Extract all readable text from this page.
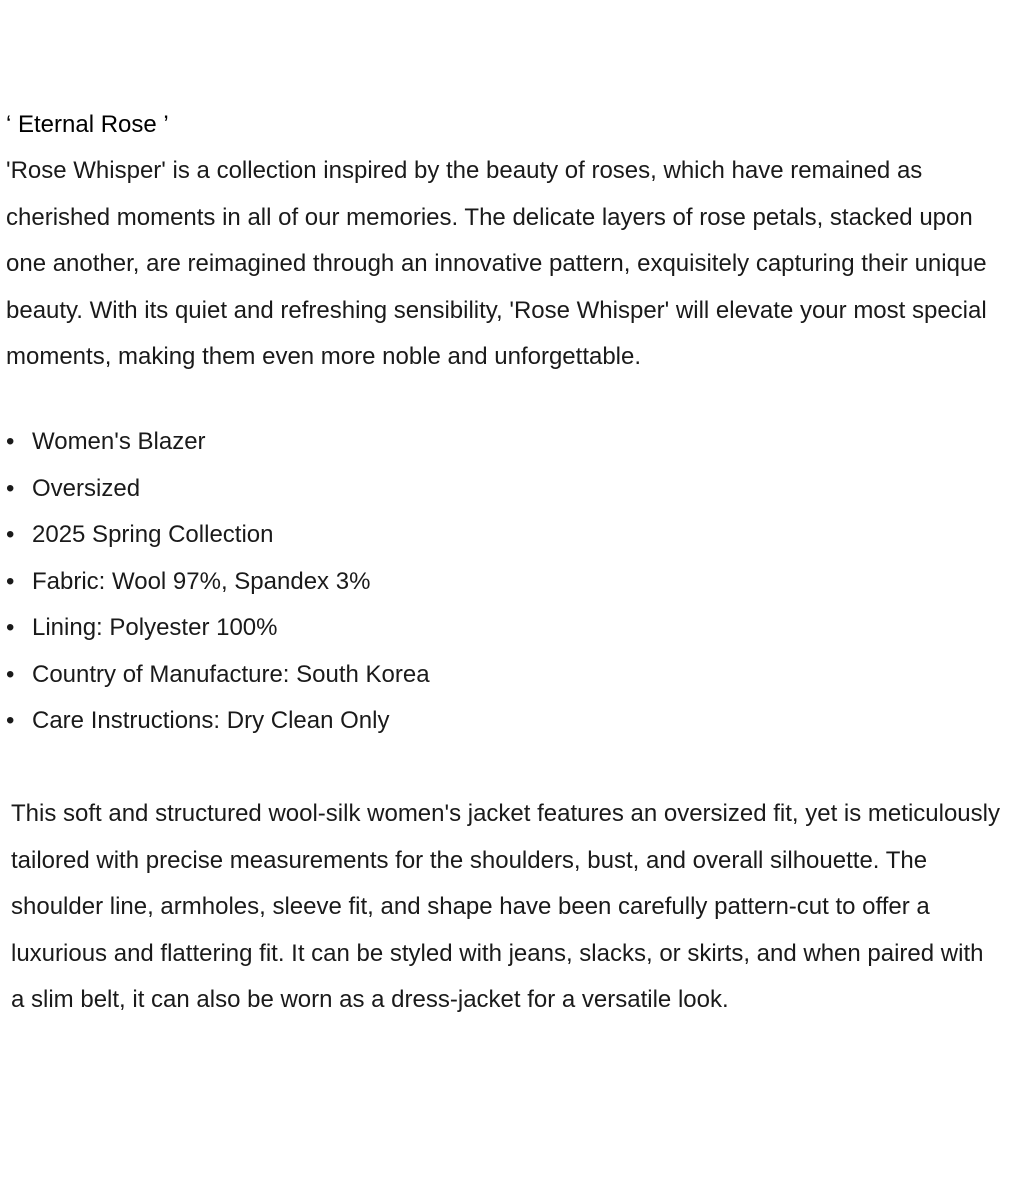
‘ Eternal Rose ’

'Rose Whisper' is a collection inspired by the beauty of roses, which have remained as cherished moments in all of our memories. The delicate layers of rose petals, stacked upon one another, are reimagined through an innovative pattern, exquisitely capturing their unique beauty. With its quiet and refreshing sensibility, 'Rose Whisper' will elevate your most special moments, making them even more noble and unforgettable.

• Women's Blazer
• Oversized
• 2025 Spring Collection
• Fabric: Wool 97%, Spandex 3%
• Lining: Polyester 100%
• Country of Manufacture: South Korea
• Care Instructions: Dry Clean Only

This soft and structured wool-silk women's jacket features an oversized fit, yet is meticulously tailored with precise measurements for the shoulders, bust, and overall silhouette. The shoulder line, armholes, sleeve fit, and shape have been carefully pattern-cut to offer a luxurious and flattering fit. It can be styled with jeans, slacks, or skirts, and when paired with a slim belt, it can also be worn as a dress-jacket for a versatile look.
